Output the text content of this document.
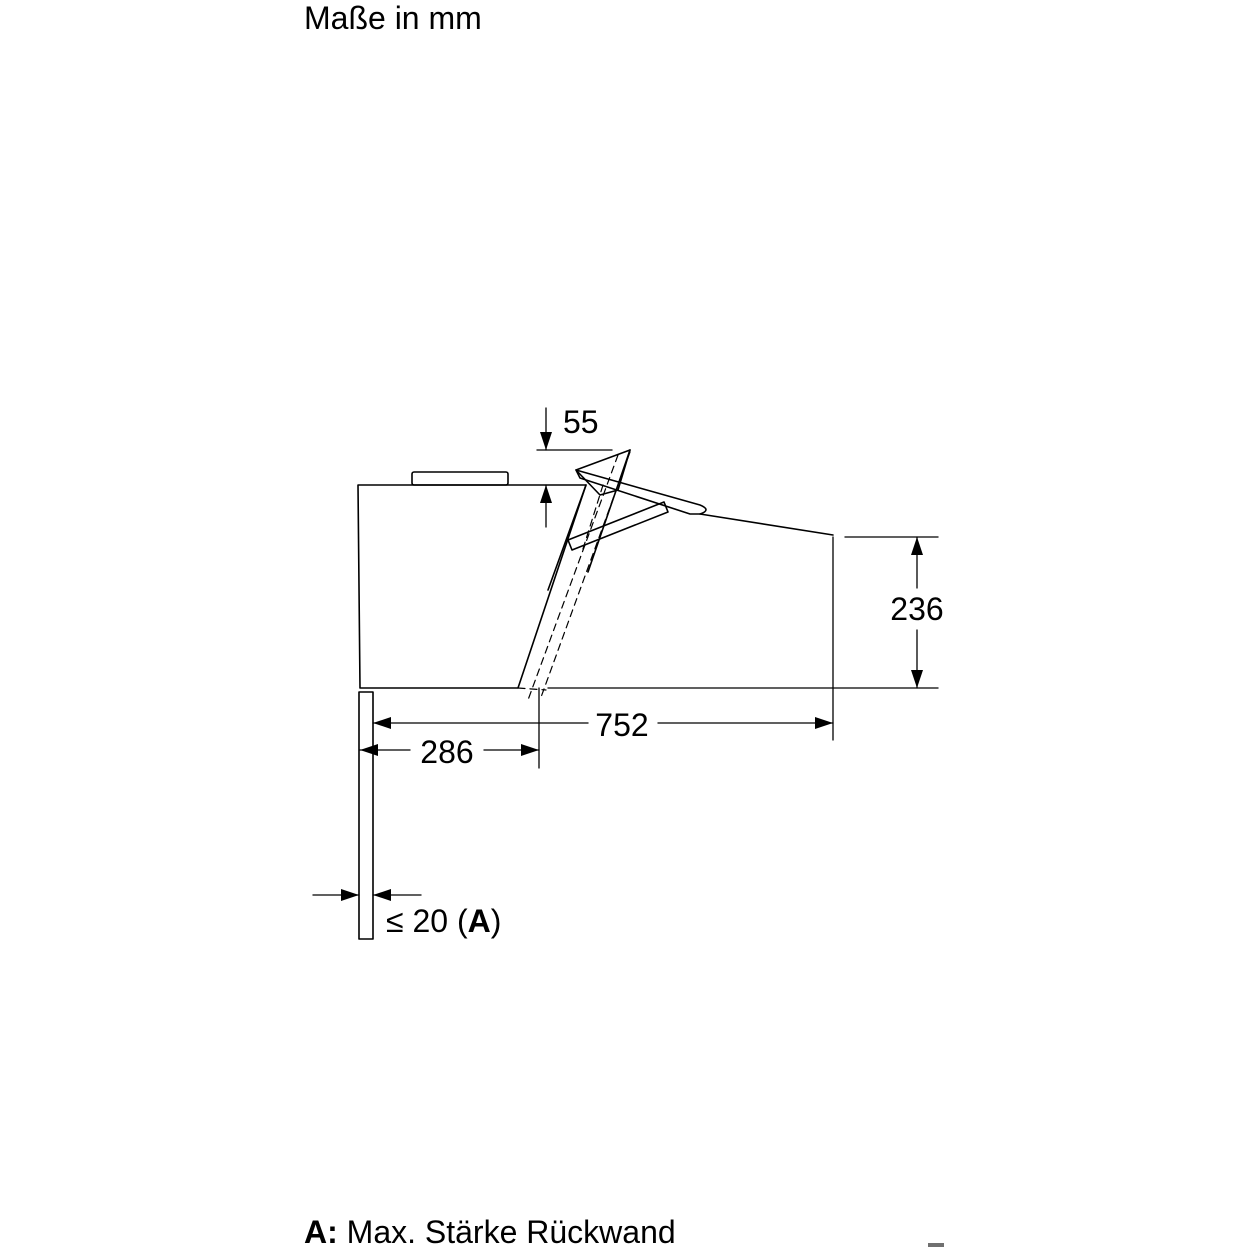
Maße in mm
55
236
752
286
≤ 20 (A)
A: Max. Stärke Rückwand
